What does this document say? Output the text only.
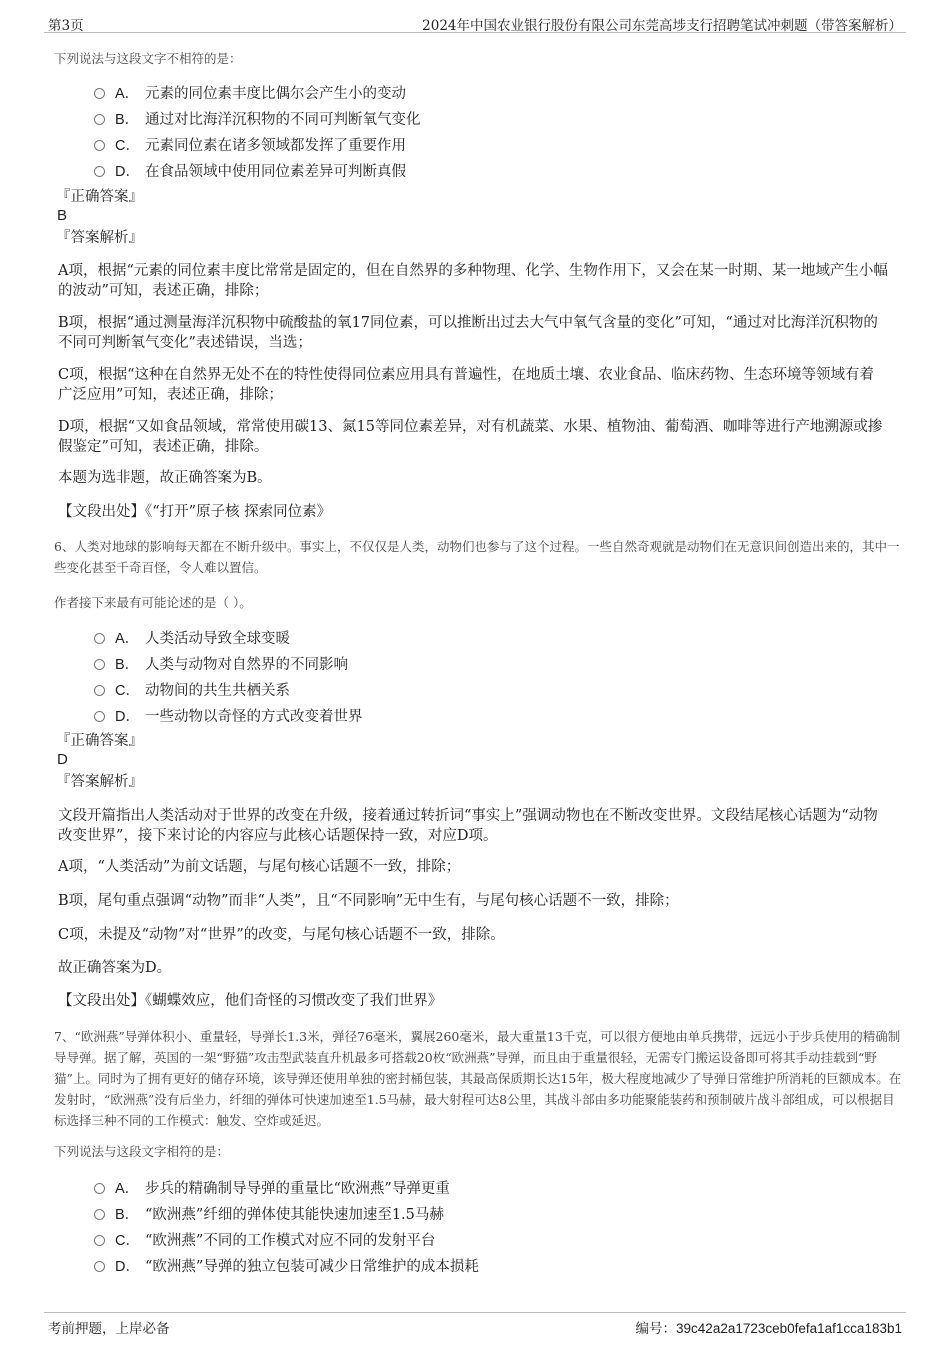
第3页	2024年中国农业银行股份有限公司东莞高埗支行招聘笔试冲刺题（带答案解析）
下列说法与这段文字不相符的是：
A． 元素的同位素丰度比偶尔会产生小的变动
B． 通过对比海洋沉积物的不同可判断氧气变化
C． 元素同位素在诸多领域都发挥了重要作用
D． 在食品领域中使用同位素差异可判断真假
『正确答案』
B
『答案解析』
A项，根据“元素的同位素丰度比常常是固定的，但在自然界的多种物理、化学、生物作用下，又会在某一时期、某一地域产生小幅的波动”可知，表述正确，排除；
B项，根据“通过测量海洋沉积物中硫酸盐的氧17同位素，可以推断出过去大气中氧气含量的变化”可知，“通过对比海洋沉积物的不同可判断氧气变化”表述错误，当选；
C项，根据“这种在自然界无处不在的特性使得同位素应用具有普遍性，在地质土壤、农业食品、临床药物、生态环境等领域有着广泛应用”可知，表述正确，排除；
D项，根据“又如食品领域，常常使用碳13、氮15等同位素差异，对有机蔬菜、水果、植物油、葡萄酒、咖啡等进行产地溯源或掺假鉴定”可知，表述正确，排除。
本题为选非题，故正确答案为B。
【文段出处】《“打开”原子核 探索同位素》
6、人类对地球的影响每天都在不断升级中。事实上，不仅仅是人类，动物们也参与了这个过程。一些自然奇观就是动物们在无意识间创造出来的，其中一些变化甚至千奇百怪，令人难以置信。
作者接下来最有可能论述的是（ ）。
A． 人类活动导致全球变暖
B． 人类与动物对自然界的不同影响
C． 动物间的共生共栖关系
D． 一些动物以奇怪的方式改变着世界
『正确答案』
D
『答案解析』
文段开篇指出人类活动对于世界的改变在升级，接着通过转折词“事实上”强调动物也在不断改变世界。文段结尾核心话题为“动物改变世界”，接下来讨论的内容应与此核心话题保持一致，对应D项。
A项，“人类活动”为前文话题，与尾句核心话题不一致，排除；
B项，尾句重点强调“动物”而非“人类”，且“不同影响”无中生有，与尾句核心话题不一致，排除；
C项，未提及“动物”对“世界”的改变，与尾句核心话题不一致，排除。
故正确答案为D。
【文段出处】《蝴蝶效应，他们奇怪的习惯改变了我们世界》
7、“欧洲燕”导弹体积小、重量轻，导弹长1.3米，弹径76毫米，翼展260毫米，最大重量13千克，可以很方便地由单兵携带，远远小于步兵使用的精确制导导弹。据了解，英国的一架“野猫”攻击型武装直升机最多可搭载20枚“欧洲燕”导弹，而且由于重量很轻，无需专门搬运设备即可将其手动挂载到“野猫”上。同时为了拥有更好的储存环境，该导弹还使用单独的密封桶包装，其最高保质期长达15年，极大程度地减少了导弹日常维护所消耗的巨额成本。在发射时，“欧洲燕”没有后坐力，纤细的弹体可快速加速至1.5马赫，最大射程可达8公里，其战斗部由多功能聚能装药和预制破片战斗部组成，可以根据目标选择三种不同的工作模式：触发、空炸或延迟。
下列说法与这段文字相符的是：
A． 步兵的精确制导导弹的重量比“欧洲燕”导弹更重
B． “欧洲燕”纤细的弹体使其能快速加速至1.5马赫
C． “欧洲燕”不同的工作模式对应不同的发射平台
D． “欧洲燕”导弹的独立包装可减少日常维护的成本损耗
考前押题，上岸必备	编号：39c42a2a1723ceb0fefa1af1cca183b1
